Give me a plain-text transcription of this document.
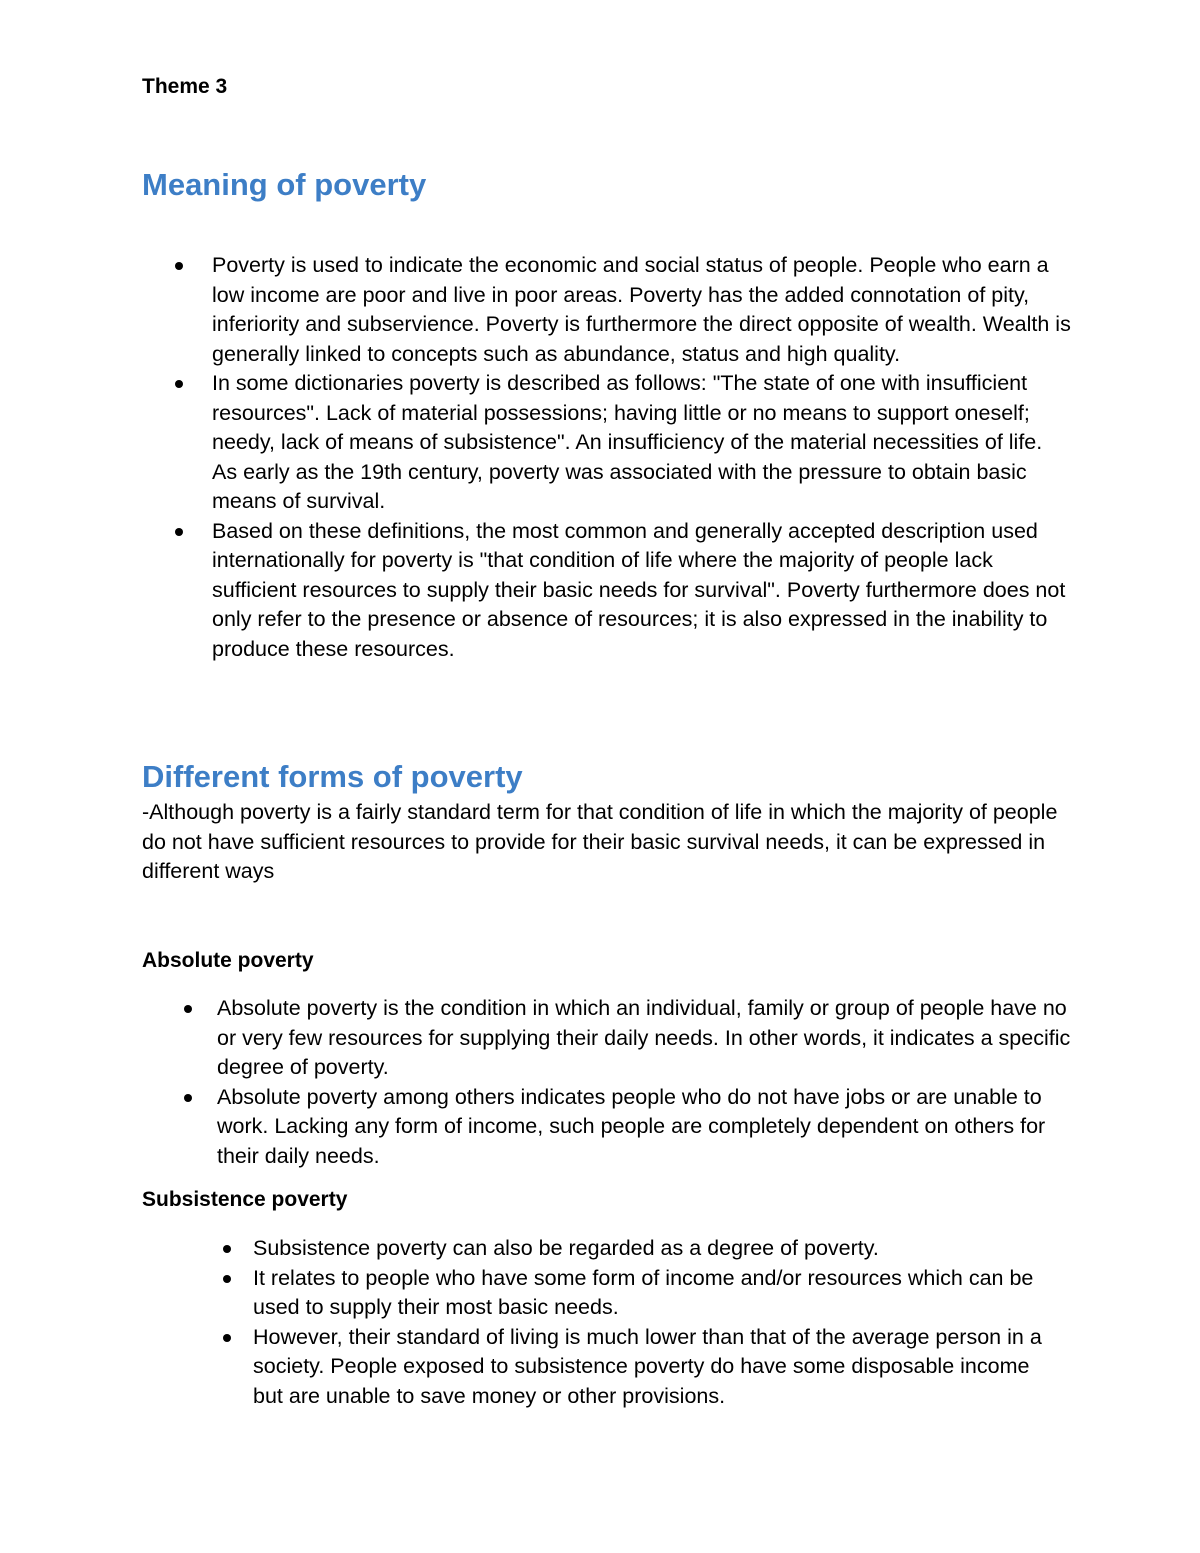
Theme 3
Meaning of poverty
Poverty is used to indicate the economic and social status of people. People who earn a low income are poor and live in poor areas. Poverty has the added connotation of pity, inferiority and subservience. Poverty is furthermore the direct opposite of wealth. Wealth is generally linked to concepts such as abundance, status and high quality.
In some dictionaries poverty is described as follows: "The state of one with insufficient resources". Lack of material possessions; having little or no means to support oneself; needy, lack of means of subsistence". An insufficiency of the material necessities of life. As early as the 19th century, poverty was associated with the pressure to obtain basic means of survival.
Based on these definitions, the most common and generally accepted description used internationally for poverty is "that condition of life where the majority of people lack sufficient resources to supply their basic needs for survival". Poverty furthermore does not only refer to the presence or absence of resources; it is also expressed in the inability to produce these resources.
Different forms of poverty

-Although poverty is a fairly standard term for that condition of life in which the majority of people do not have sufficient resources to provide for their basic survival needs, it can be expressed in different ways

Absolute poverty
Absolute poverty is the condition in which an individual, family or group of people have no or very few resources for supplying their daily needs. In other words, it indicates a specific degree of poverty.
Absolute poverty among others indicates people who do not have jobs or are unable to work. Lacking any form of income, such people are completely dependent on others for their daily needs.
Subsistence poverty
Subsistence poverty can also be regarded as a degree of poverty.
It relates to people who have some form of income and/or resources which can be used to supply their most basic needs.
However, their standard of living is much lower than that of the average person in a society. People exposed to subsistence poverty do have some disposable income but are unable to save money or other provisions.
